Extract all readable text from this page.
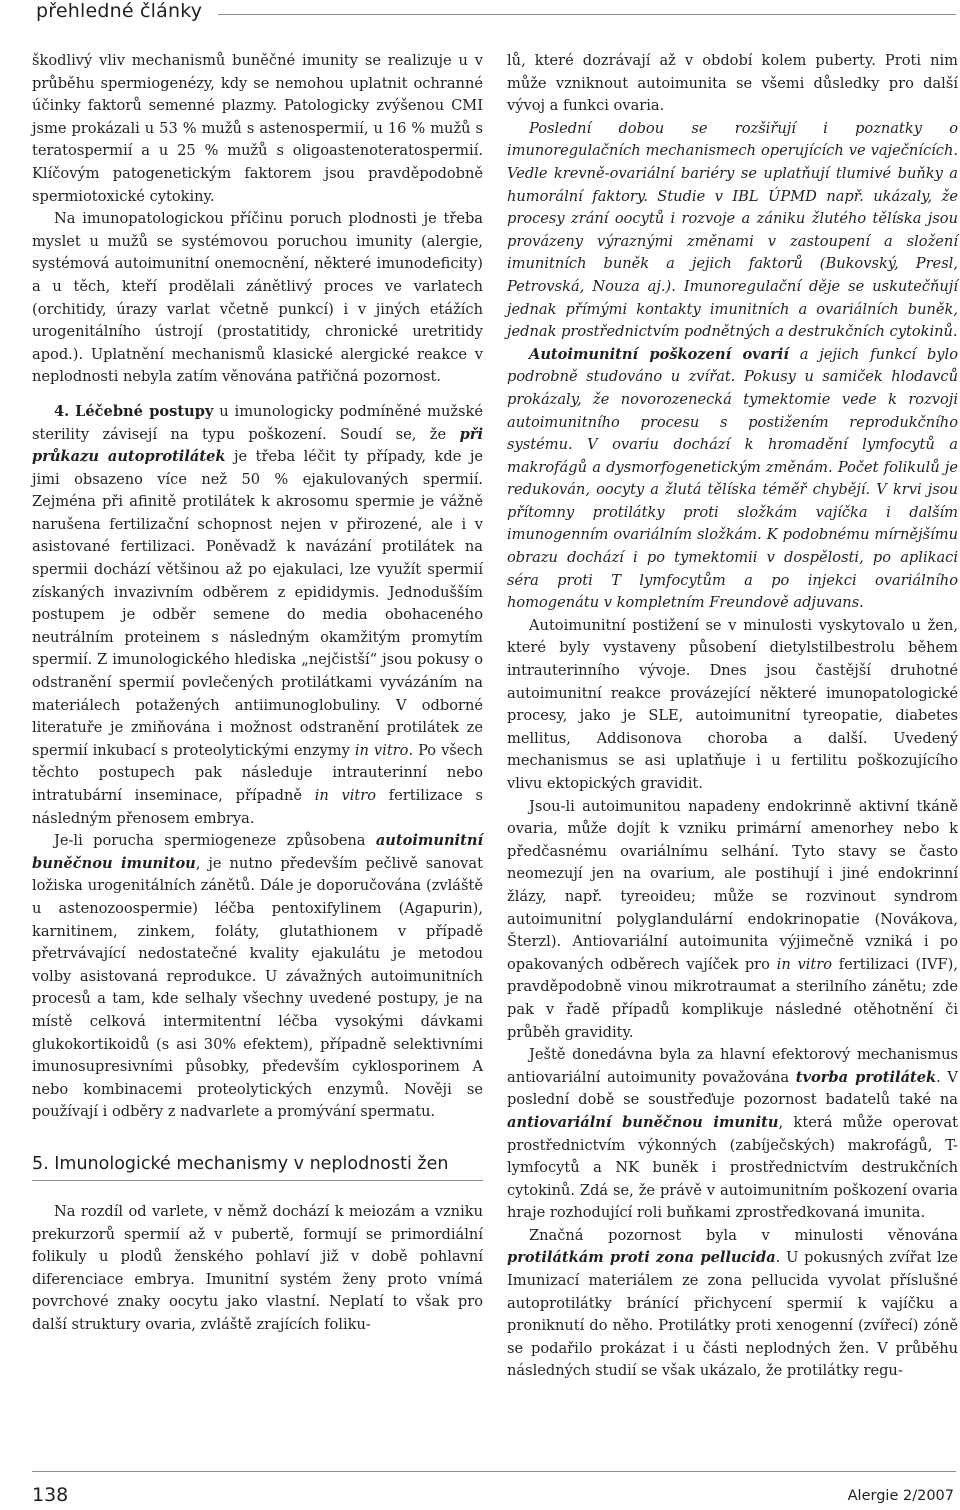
přehledné články

škodlivý vliv mechanismů buněčné imunity se realizuje u v průběhu spermiogenézy, kdy se nemohou uplatnit ochranné účinky faktorů semenné plazmy. Patologicky zvýšenou CMI jsme prokázali u 53 % mužů s astenospermií, u 16 % mužů s teratospermií a u 25 % mužů s oligoastenoteratospermií. Klíčovým patogenetickým faktorem jsou pravděpodobně spermiotoxické cytokiny.

Na imunopatologickou příčinu poruch plodnosti je třeba myslet u mužů se systémovou poruchou imunity (alergie, systémová autoimunitní onemocnění, některé imunodeficity) a u těch, kteří prodělali zánětlivý proces ve varlatech (orchitidy, úrazy varlat včetně punkcí) i v jiných etážích urogenitálního ústrojí (prostatitidy, chronické uretritidy apod.). Uplatnění mechanismů klasické alergické reakce v neplodnosti nebyla zatím věnována patřičná pozornost.

4. Léčebné postupy u imunologicky podmíněné mužské sterility závisejí na typu poškození. Soudí se, že při průkazu autoprotilátek je třeba léčit ty případy, kde je jimi obsazeno více než 50 % ejakulovaných spermií. Zejména při afinitě protilátek k akrosomu spermie je vážně narušena fertilizační schopnost nejen v přirozené, ale i v asistované fertilizaci. Poněvadž k navázání protilátek na spermii dochází většinou až po ejakulaci, lze využít spermií získaných invazivním odběrem z epididymis. Jednodušším postupem je odběr semene do media obohaceného neutrálním proteinem s následným okamžitým promytím spermií. Z imunologického hlediska „nejčistší“ jsou pokusy o odstranění spermií povlečených protilátkami vyvázáním na materiálech potažených antiimunoglobuliny. V odborné literatuře je zmiňována i možnost odstranění protilátek ze spermií inkubací s proteolytickými enzymy in vitro. Po všech těchto postupech pak následuje intrauterinní nebo intratubární inseminace, případně in vitro fertilizace s následným přenosem embrya.

Je-li porucha spermiogeneze způsobena autoimunitní buněčnou imunitou, je nutno především pečlivě sanovat ložiska urogenitálních zánětů. Dále je doporučována (zvláště u astenozoospermie) léčba pentoxifylinem (Agapurin), karnitinem, zinkem, foláty, glutathionem v případě přetrvávající nedostatečné kvality ejakulátu je metodou volby asistovaná reprodukce. U závažných autoimunitních procesů a tam, kde selhaly všechny uvedené postupy, je na místě celková intermitentní léčba vysokými dávkami glukokortikoidů (s asi 30% efektem), případně selektivními imunosupresivními působky, především cyklosporinem A nebo kombinacemi proteolytických enzymů. Nověji se používají i odběry z nadvarlete a promývání spermatu.

5. Imunologické mechanismy v neplodnosti žen

Na rozdíl od varlete, v němž dochází k meiozám a vzniku prekurzorů spermií až v pubertě, formují se primordiální folikuly u plodů ženského pohlaví již v době pohlavní diferenciace embrya. Imunitní systém ženy proto vnímá povrchové znaky oocytu jako vlastní. Neplatí to však pro další struktury ovaria, zvláště zrajících foliku-

lů, které dozrávají až v období kolem puberty. Proti nim může vzniknout autoimunita se všemi důsledky pro další vývoj a funkci ovaria.

Poslední dobou se rozšiřují i poznatky o imunoregulačních mechanismech operujících ve vaječnících. Vedle krevně-ovariální bariéry se uplatňují tlumivé buňky a humorální faktory. Studie v IBL ÚPMD např. ukázaly, že procesy zrání oocytů i rozvoje a zániku žlutého tělíska jsou provázeny výraznými změnami v zastoupení a složení imunitních buněk a jejich faktorů (Bukovský, Presl, Petrovská, Nouza aj.). Imunoregulační děje se uskutečňují jednak přímými kontakty imunitních a ovariálních buněk, jednak prostřednictvím podnětných a destrukčních cytokinů.

Autoimunitní poškození ovarií a jejich funkcí bylo podrobně studováno u zvířat. Pokusy u samiček hlodavců prokázaly, že novorozenecká tymektomie vede k rozvoji autoimunitního procesu s postižením reprodukčního systému. V ovariu dochází k hromadění lymfocytů a makrofágů a dysmorfogenetickým změnám. Počet folikulů je redukován, oocyty a žlutá tělíska téměř chybějí. V krvi jsou přítomny protilátky proti složkám vajíčka i dalším imunogenním ovariálním složkám. K podobnému mírnějšímu obrazu dochází i po tymektomii v dospělosti, po aplikaci séra proti T lymfocytům a po injekci ovariálního homogenátu v kompletním Freundově adjuvans.

Autoimunitní postižení se v minulosti vyskytovalo u žen, které byly vystaveny působení dietylstilbestrolu během intrauterinního vývoje. Dnes jsou častější druhotné autoimunitní reakce provázející některé imunopatologické procesy, jako je SLE, autoimunitní tyreopatie, diabetes mellitus, Addisonova choroba a další. Uvedený mechanismus se asi uplatňuje i u fertilitu poškozujícího vlivu ektopických gravidit.

Jsou-li autoimunitou napadeny endokrinně aktivní tkáně ovaria, může dojít k vzniku primární amenorhey nebo k předčasnému ovariálnímu selhání. Tyto stavy se často neomezují jen na ovarium, ale postihují i jiné endokrinní žlázy, např. tyreoideu; může se rozvinout syndrom autoimunitní polyglandulární endokrinopatie (Novákova, Šterzl). Antiovariální autoimunita výjimečně vzniká i po opakovaných odběrech vajíček pro in vitro fertilizaci (IVF), pravděpodobně vinou mikrotraumat a sterilního zánětu; zde pak v řadě případů komplikuje následné otěhotnění či průběh gravidity.

Ještě donedávna byla za hlavní efektorový mechanismus antiovariální autoimunity považována tvorba protilátek. V poslední době se soustřeďuje pozornost badatelů také na antiovariální buněčnou imunitu, která může operovat prostřednictvím výkonných (zabíječských) makrofágů, T-lymfocytů a NK buněk i prostřednictvím destrukčních cytokinů. Zdá se, že právě v autoimunitním poškození ovaria hraje rozhodující roli buňkami zprostředkovaná imunita.

Značná pozornost byla v minulosti věnována protilátkám proti zona pellucida. U pokusných zvířat lze Imunizací materiálem ze zona pellucida vyvolat příslušné autoprotilátky bránící přichycení spermií k vajíčku a proniknutí do něho. Protilátky proti xenogenní (zvířecí) zóně se podařilo prokázat i u části neplodných žen. V průběhu následných studií se však ukázalo, že protilátky regu-

138	Alergie 2/2007
